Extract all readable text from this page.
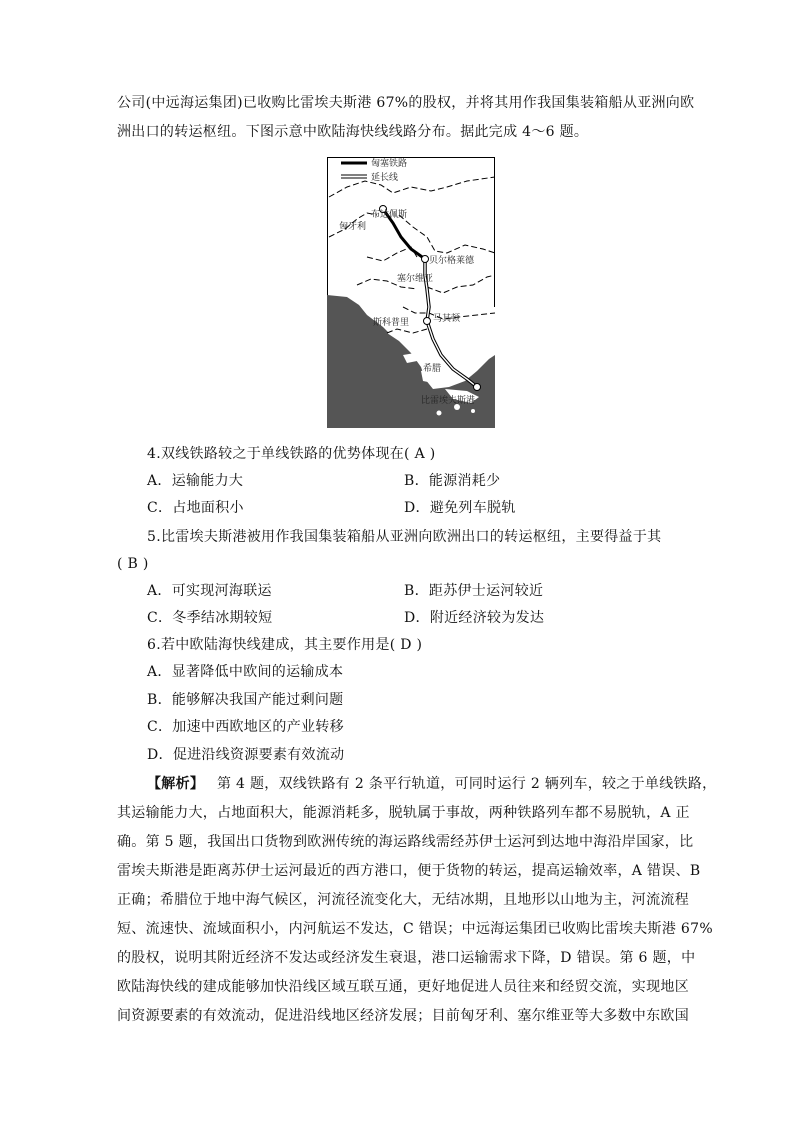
公司(中远海运集团)已收购比雷埃夫斯港 67%的股权，并将其用作我国集装箱船从亚洲向欧
洲出口的转运枢纽。下图示意中欧陆海快线线路分布。据此完成 4～6 题。
匈塞铁路
延长线
布达佩斯
匈牙利
贝尔格莱德
塞尔维亚
斯科普里	马其顿
希腊
比雷埃夫斯港
4.双线铁路较之于单线铁路的优势体现在( A )
A．运输能力大	B．能源消耗少
C．占地面积小	D．避免列车脱轨
5.比雷埃夫斯港被用作我国集装箱船从亚洲向欧洲出口的转运枢纽，主要得益于其
( B )
A．可实现河海联运	B．距苏伊士运河较近
C．冬季结冰期较短	D．附近经济较为发达
6.若中欧陆海快线建成，其主要作用是( D )
A．显著降低中欧间的运输成本
B．能够解决我国产能过剩问题
C．加速中西欧地区的产业转移
D．促进沿线资源要素有效流动
【解析】 第 4 题，双线铁路有 2 条平行轨道，可同时运行 2 辆列车，较之于单线铁路，
其运输能力大，占地面积大，能源消耗多，脱轨属于事故，两种铁路列车都不易脱轨，A 正
确。第 5 题，我国出口货物到欧洲传统的海运路线需经苏伊士运河到达地中海沿岸国家，比
雷埃夫斯港是距离苏伊士运河最近的西方港口，便于货物的转运，提高运输效率，A 错误、B
正确；希腊位于地中海气候区，河流径流变化大，无结冰期，且地形以山地为主，河流流程
短、流速快、流域面积小，内河航运不发达，C 错误；中远海运集团已收购比雷埃夫斯港 67%
的股权，说明其附近经济不发达或经济发生衰退，港口运输需求下降，D 错误。第 6 题，中
欧陆海快线的建成能够加快沿线区域互联互通，更好地促进人员往来和经贸交流，实现地区
间资源要素的有效流动，促进沿线地区经济发展；目前匈牙利、塞尔维亚等大多数中东欧国
